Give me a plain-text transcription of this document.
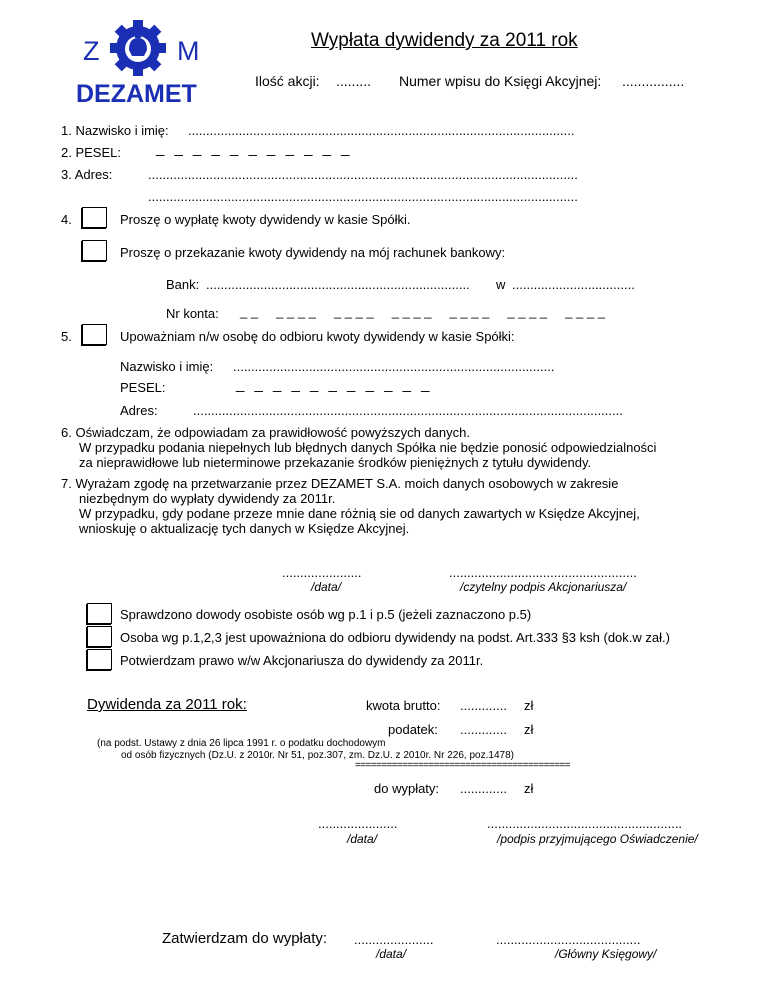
Z	M
DEZAMET
Wypłata dywidendy za 2011 rok
Ilość akcji: ......... Numer wpisu do Księgi Akcyjnej: ................
1. Nazwisko i imię: ...........................................................................................................
2. PESEL: _ _ _ _ _ _ _ _ _ _ _
3. Adres:	.......................................................................................................................
.......................................................................................................................
4.	Proszę o wypłatę kwoty dywidendy w kasie Spółki.
Proszę o przekazanie kwoty dywidendy na mój rachunek bankowy:
Bank: ......................................................................... w ..................................
Nr konta: _ _     _ _ _ _     _ _ _ _     _ _ _ _     _ _ _ _     _ _ _ _     _ _ _ _
5.	Upoważniam n/w osobę do odbioru kwoty dywidendy w kasie Spółki:
Nazwisko i imię: .........................................................................................
PESEL:	_ _ _ _ _ _ _ _ _ _ _
Adres:	.......................................................................................................................
6. Oświadczam, że odpowiadam za prawidłowość powyższych danych.
W przypadku podania niepełnych lub błędnych danych Spółka nie będzie ponosić odpowiedzialności
za nieprawidłowe lub nieterminowe przekazanie środków pieniężnych z tytułu dywidendy.
7. Wyrażam zgodę na przetwarzanie przez DEZAMET S.A. moich danych osobowych w zakresie
niezbędnym do wypłaty dywidendy za 2011r.
W przypadku, gdy podane przeze mnie dane różnią sie od danych zawartych w Księdze Akcyjnej,
wnioskuję o aktualizację tych danych w Księdze Akcyjnej.
......................
/data/
....................................................
/czytelny podpis Akcjonariusza/
Sprawdzono dowody osobiste osób wg p.1 i p.5 (jeżeli zaznaczono p.5)
Osoba wg p.1,2,3 jest upoważniona do odbioru dywidendy na podst. Art.333 §3 ksh (dok.w zał.)
Potwierdzam prawo w/w Akcjonariusza do dywidendy za 2011r.
Dywidenda za 2011 rok:	kwota brutto: ............. zł
podatek: ............. zł
(na podst. Ustawy z dnia 26 lipca 1991 r. o podatku dochodowym
od osób fizycznych (Dz.U. z 2010r. Nr 51, poz.307, zm. Dz.U. z 2010r. Nr 226, poz.1478)
=========================================
do wypłaty: ............. zł
......................
/data/
......................................................
/podpis przyjmującego Oświadczenie/
Zatwierdzam do wypłaty: ......................
/data/
........................................
/Główny Księgowy/
